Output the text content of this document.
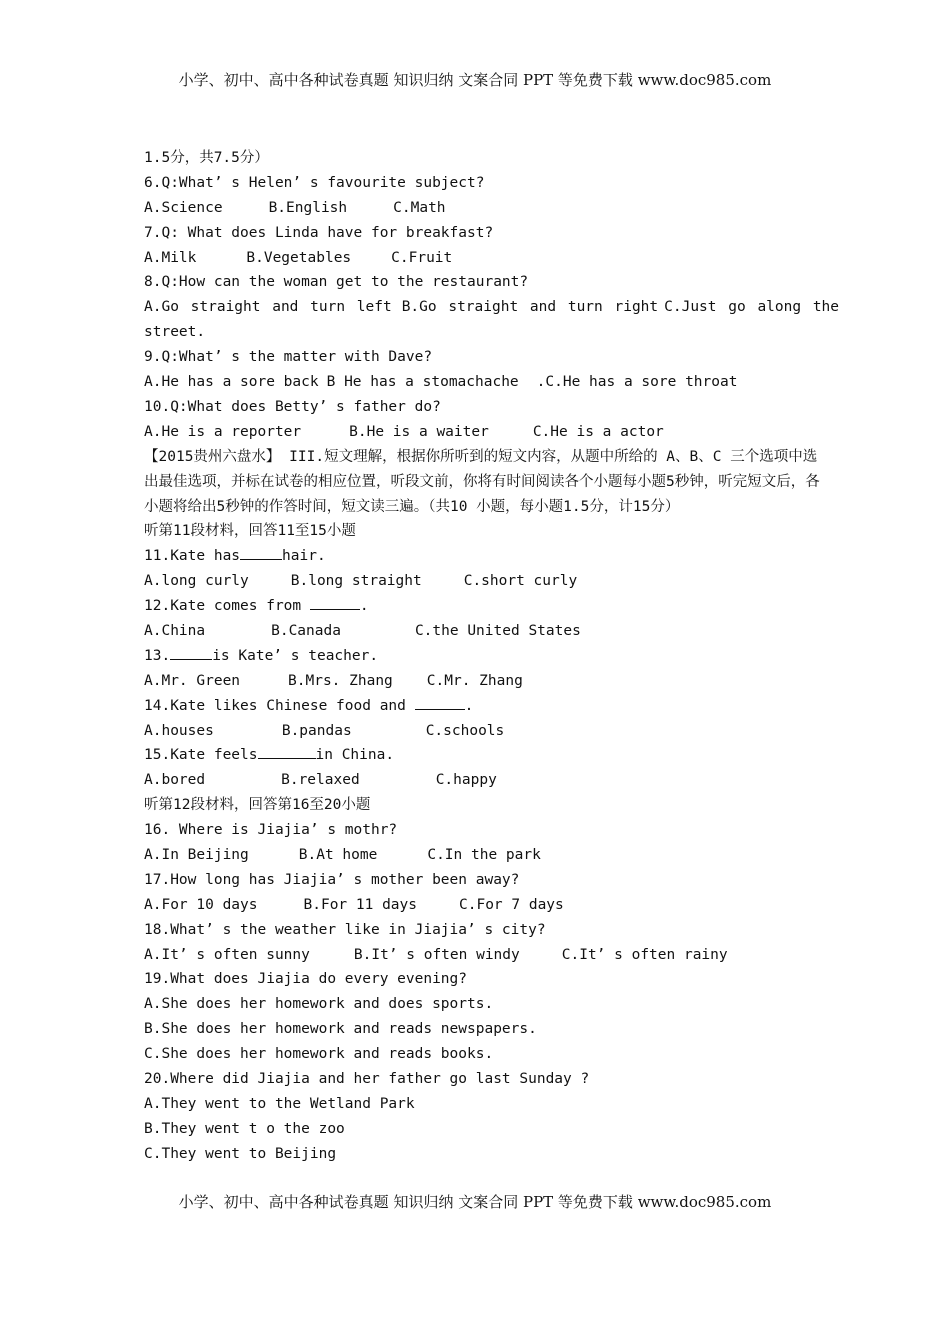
小学、初中、高中各种试卷真题 知识归纳 文案合同 PPT 等免费下载 www.doc985.com
1.5分，共7.5分）
6.Q:What’ s Helen’ s favourite subject?
A.Science	B.English	C.Math
7.Q: What does Linda have for breakfast?
A.Milk	B.Vegetables	C.Fruit
8.Q:How can the woman get to the restaurant?
A.Go straight and turn left B.Go straight and turn right C.Just go along the
street.
9.Q:What’ s the matter with Dave?
A.He has a sore back B He has a stomachache .C.He has a sore throat
10.Q:What does Betty’ s father do?
A.He is a reporter	B.He is a waiter	C.He is a actor
【2015贵州六盘水】 III.短文理解，根据你所听到的短文内容，从题中所给的 A、B、C 三个选项中选出最佳选项，并标在试卷的相应位置，听段文前，你将有时间阅读各个小题每小题5秒钟，听完短文后，各小题将给出5秒钟的作答时间，短文读三遍。（共10 小题，每小题1.5分，计15分）
听第11段材料，回答11至15小题
11.Kate has	hair.
A.long curly	B.long straight	C.short curly
12.Kate comes from	.
A.China	B.Canada	C.the United States
13.	is Kate’ s teacher.
A.Mr. Green	B.Mrs. Zhang C.Mr. Zhang
14.Kate likes Chinese food and	.
A.houses	B.pandas	C.schools
15.Kate feels	in China.
A.bored	B.relaxed	C.happy
听第12段材料，回答第16至20小题
16. Where is Jiajia’ s mothr?
A.In Beijing	B.At home	C.In the park
17.How long has Jiajia’ s mother been away?
A.For 10 days	B.For 11 days	C.For 7 days
18.What’ s the weather like in Jiajia’ s city?
A.It’ s often sunny	B.It’ s often windy	C.It’ s often rainy
19.What does Jiajia do every evening?
A.She does her homework and does sports.
B.She does her homework and reads newspapers.
C.She does her homework and reads books.
20.Where did Jiajia and her father go last Sunday ?
A.They went to the Wetland Park
B.They went t o the zoo
C.They went to Beijing
小学、初中、高中各种试卷真题 知识归纳 文案合同 PPT 等免费下载 www.doc985.com
